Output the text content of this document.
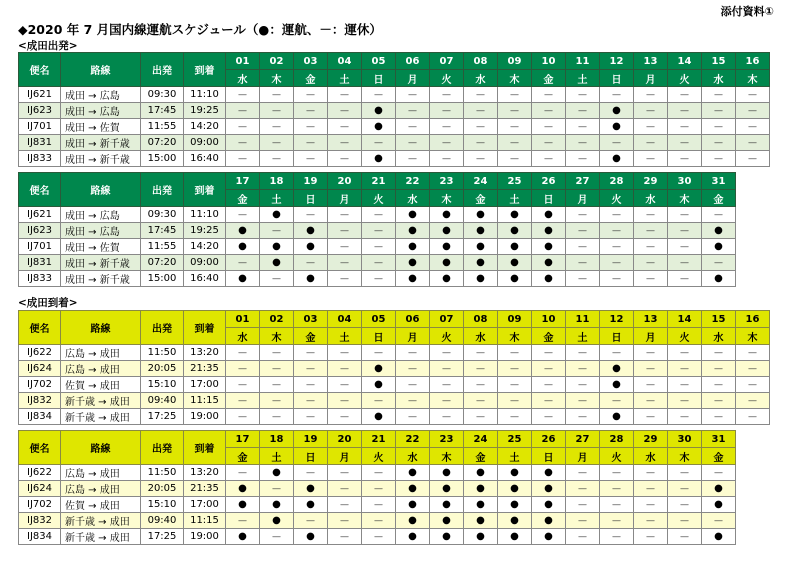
添付資料①
◆2020 年 7 月国内線運航スケジュール（●：運航、－：運休）
<成田出発>
<成田到着>
便名	路線	出発	到着	01	02	03	04	05	06	07	08	09	10	11	12	13	14	15	16
				水	木	金	土	日	月	火	水	木	金	土	日	月	火	水	木
IJ621	成田 → 広島	09:30	11:10	—	—	—	—	—	—	—	—	—	—	—	—	—	—	—	—
IJ623	成田 → 広島	17:45	19:25	—	—	—	—	●	—	—	—	—	—	—	●	—	—	—	—
IJ701	成田 → 佐賀	11:55	14:20	—	—	—	—	●	—	—	—	—	—	—	●	—	—	—	—
IJ831	成田 → 新千歳	07:20	09:00	—	—	—	—	—	—	—	—	—	—	—	—	—	—	—	—
IJ833	成田 → 新千歳	15:00	16:40	—	—	—	—	●	—	—	—	—	—	—	●	—	—	—	—
便名	路線	出発	到着	17	18	19	20	21	22	23	24	25	26	27	28	29	30	31
				金	土	日	月	火	水	木	金	土	日	月	火	水	木	金
IJ621	成田 → 広島	09:30	11:10	—	●	—	—	—	●	●	●	●	●	—	—	—	—	—
IJ623	成田 → 広島	17:45	19:25	●	—	●	—	—	●	●	●	●	●	—	—	—	—	●
IJ701	成田 → 佐賀	11:55	14:20	●	●	●	—	—	●	●	●	●	●	—	—	—	—	●
IJ831	成田 → 新千歳	07:20	09:00	—	●	—	—	—	●	●	●	●	●	—	—	—	—	—
IJ833	成田 → 新千歳	15:00	16:40	●	—	●	—	—	●	●	●	●	●	—	—	—	—	●
便名	路線	出発	到着	01	02	03	04	05	06	07	08	09	10	11	12	13	14	15	16
				水	木	金	土	日	月	火	水	木	金	土	日	月	火	水	木
IJ622	広島 → 成田	11:50	13:20	—	—	—	—	—	—	—	—	—	—	—	—	—	—	—	—
IJ624	広島 → 成田	20:05	21:35	—	—	—	—	●	—	—	—	—	—	—	●	—	—	—	—
IJ702	佐賀 → 成田	15:10	17:00	—	—	—	—	●	—	—	—	—	—	—	●	—	—	—	—
IJ832	新千歳 → 成田	09:40	11:15	—	—	—	—	—	—	—	—	—	—	—	—	—	—	—	—
IJ834	新千歳 → 成田	17:25	19:00	—	—	—	—	●	—	—	—	—	—	—	●	—	—	—	—
便名	路線	出発	到着	17	18	19	20	21	22	23	24	25	26	27	28	29	30	31
				金	土	日	月	火	水	木	金	土	日	月	火	水	木	金
IJ622	広島 → 成田	11:50	13:20	—	●	—	—	—	●	●	●	●	●	—	—	—	—	—
IJ624	広島 → 成田	20:05	21:35	●	—	●	—	—	●	●	●	●	●	—	—	—	—	●
IJ702	佐賀 → 成田	15:10	17:00	●	●	●	—	—	●	●	●	●	●	—	—	—	—	●
IJ832	新千歳 → 成田	09:40	11:15	—	●	—	—	—	●	●	●	●	●	—	—	—	—	—
IJ834	新千歳 → 成田	17:25	19:00	●	—	●	—	—	●	●	●	●	●	—	—	—	—	●
